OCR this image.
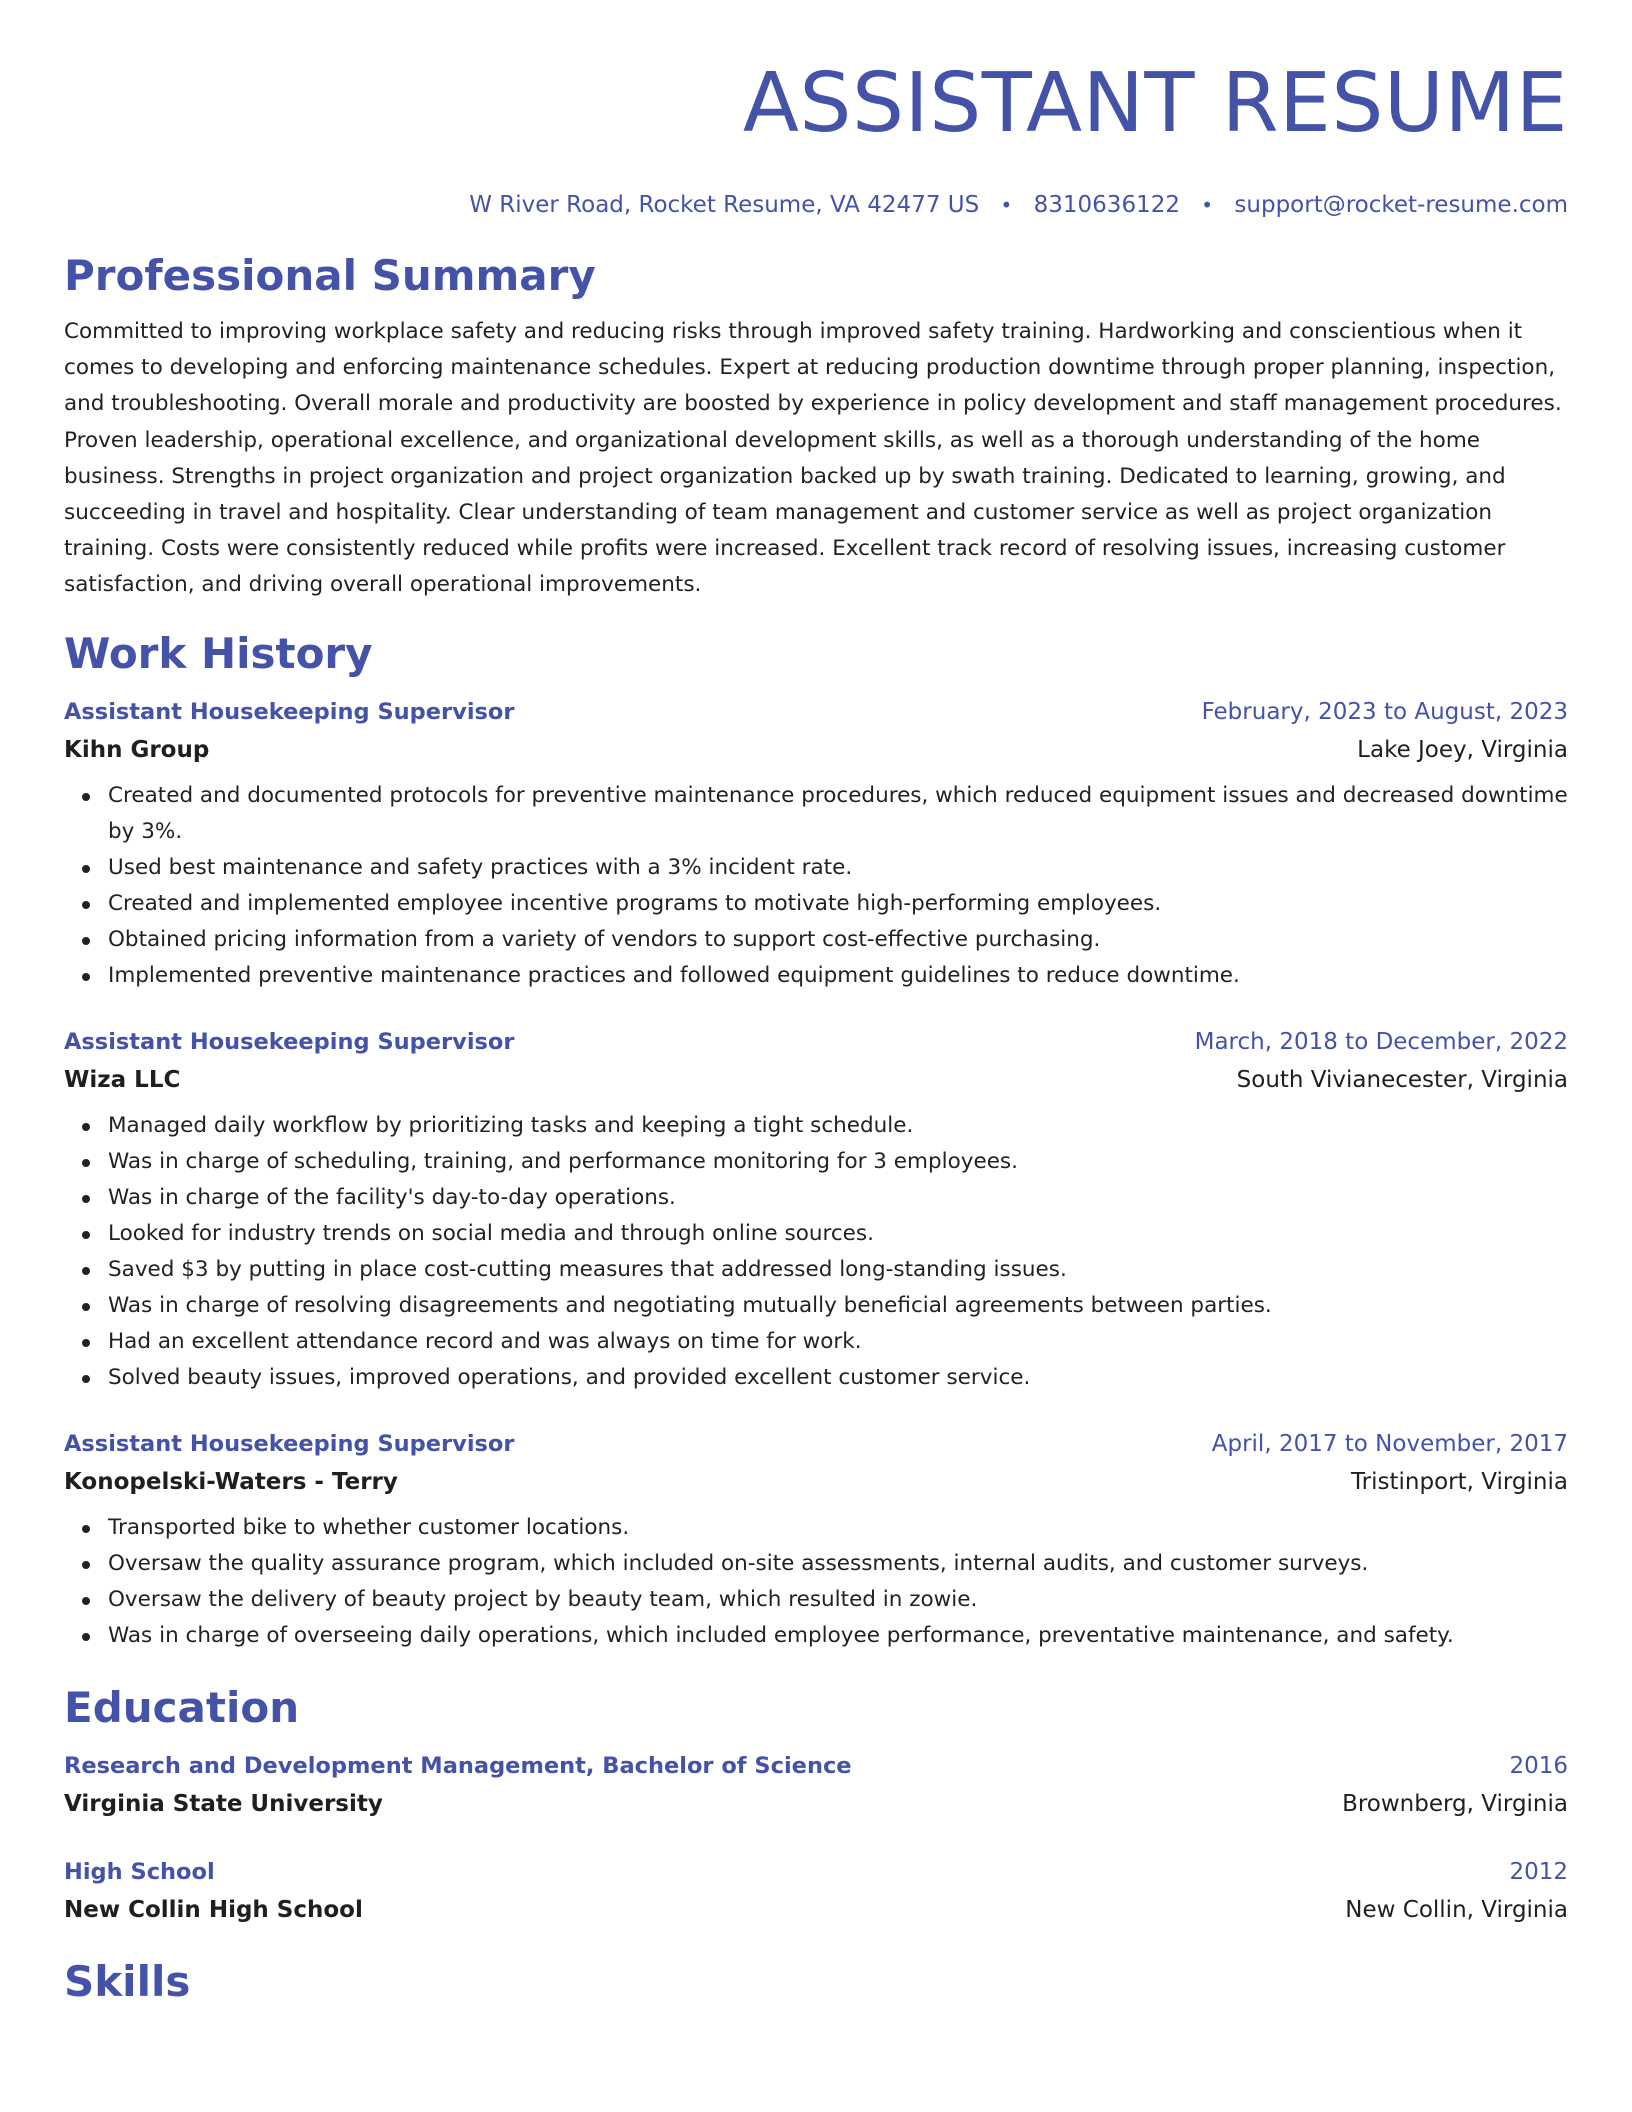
ASSISTANT RESUME
W River Road, Rocket Resume, VA 42477 US • 8310636122 • support@rocket-resume.com
Professional Summary

Committed to improving workplace safety and reducing risks through improved safety training. Hardworking and conscientious when it comes to developing and enforcing maintenance schedules. Expert at reducing production downtime through proper planning, inspection, and troubleshooting. Overall morale and productivity are boosted by experience in policy development and staff management procedures. Proven leadership, operational excellence, and organizational development skills, as well as a thorough understanding of the home business. Strengths in project organization and project organization backed up by swath training. Dedicated to learning, growing, and succeeding in travel and hospitality. Clear understanding of team management and customer service as well as project organization training. Costs were consistently reduced while profits were increased. Excellent track record of resolving issues, increasing customer satisfaction, and driving overall operational improvements.

Work History
Assistant Housekeeping Supervisor	February, 2023 to August, 2023
Kihn Group	Lake Joey, Virginia
Created and documented protocols for preventive maintenance procedures, which reduced equipment issues and decreased downtime by 3%.
Used best maintenance and safety practices with a 3% incident rate.
Created and implemented employee incentive programs to motivate high-performing employees.
Obtained pricing information from a variety of vendors to support cost-effective purchasing.
Implemented preventive maintenance practices and followed equipment guidelines to reduce downtime.
Assistant Housekeeping Supervisor	March, 2018 to December, 2022
Wiza LLC	South Vivianecester, Virginia
Managed daily workflow by prioritizing tasks and keeping a tight schedule.
Was in charge of scheduling, training, and performance monitoring for 3 employees.
Was in charge of the facility's day-to-day operations.
Looked for industry trends on social media and through online sources.
Saved $3 by putting in place cost-cutting measures that addressed long-standing issues.
Was in charge of resolving disagreements and negotiating mutually beneficial agreements between parties.
Had an excellent attendance record and was always on time for work.
Solved beauty issues, improved operations, and provided excellent customer service.
Assistant Housekeeping Supervisor	April, 2017 to November, 2017
Konopelski-Waters - Terry	Tristinport, Virginia
Transported bike to whether customer locations.
Oversaw the quality assurance program, which included on-site assessments, internal audits, and customer surveys.
Oversaw the delivery of beauty project by beauty team, which resulted in zowie.
Was in charge of overseeing daily operations, which included employee performance, preventative maintenance, and safety.
Education
Research and Development Management, Bachelor of Science	2016
Virginia State University	Brownberg, Virginia
High School	2012
New Collin High School	New Collin, Virginia
Skills
